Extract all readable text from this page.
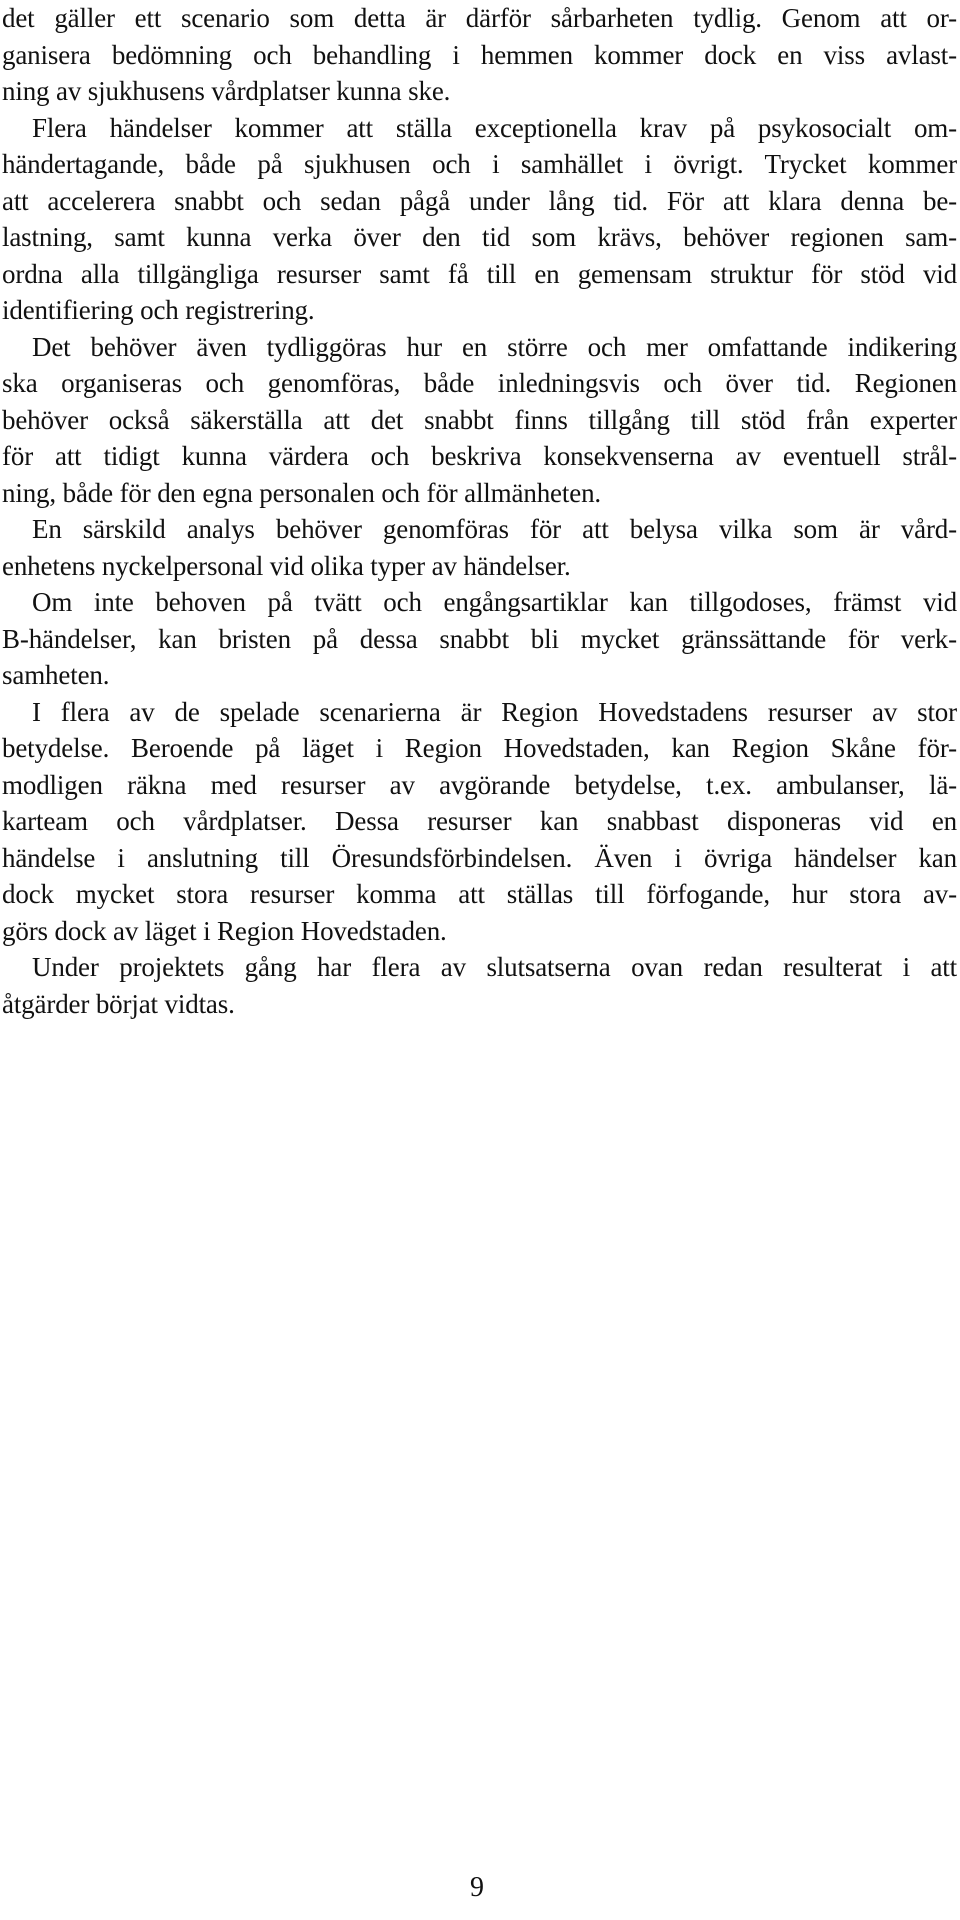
det gäller ett scenario som detta är därför sårbarheten tydlig. Genom att or-
ganisera bedömning och behandling i hemmen kommer dock en viss avlast-
ning av sjukhusens vårdplatser kunna ske.
Flera händelser kommer att ställa exceptionella krav på psykosocialt om-
händertagande, både på sjukhusen och i samhället i övrigt. Trycket kommer
att accelerera snabbt och sedan pågå under lång tid. För att klara denna be-
lastning, samt kunna verka över den tid som krävs, behöver regionen sam-
ordna alla tillgängliga resurser samt få till en gemensam struktur för stöd vid
identifiering och registrering.
Det behöver även tydliggöras hur en större och mer omfattande indikering
ska organiseras och genomföras, både inledningsvis och över tid. Regionen
behöver också säkerställa att det snabbt finns tillgång till stöd från experter
för att tidigt kunna värdera och beskriva konsekvenserna av eventuell strål-
ning, både för den egna personalen och för allmänheten.
En särskild analys behöver genomföras för att belysa vilka som är vård-
enhetens nyckelpersonal vid olika typer av händelser.
Om inte behoven på tvätt och engångsartiklar kan tillgodoses, främst vid
B-händelser, kan bristen på dessa snabbt bli mycket gränssättande för verk-
samheten.
I flera av de spelade scenarierna är Region Hovedstadens resurser av stor
betydelse. Beroende på läget i Region Hovedstaden, kan Region Skåne för-
modligen räkna med resurser av avgörande betydelse, t.ex. ambulanser, lä-
karteam och vårdplatser. Dessa resurser kan snabbast disponeras vid en
händelse i anslutning till Öresundsförbindelsen. Även i övriga händelser kan
dock mycket stora resurser komma att ställas till förfogande, hur stora av-
görs dock av läget i Region Hovedstaden.
Under projektets gång har flera av slutsatserna ovan redan resulterat i att
åtgärder börjat vidtas.
9
